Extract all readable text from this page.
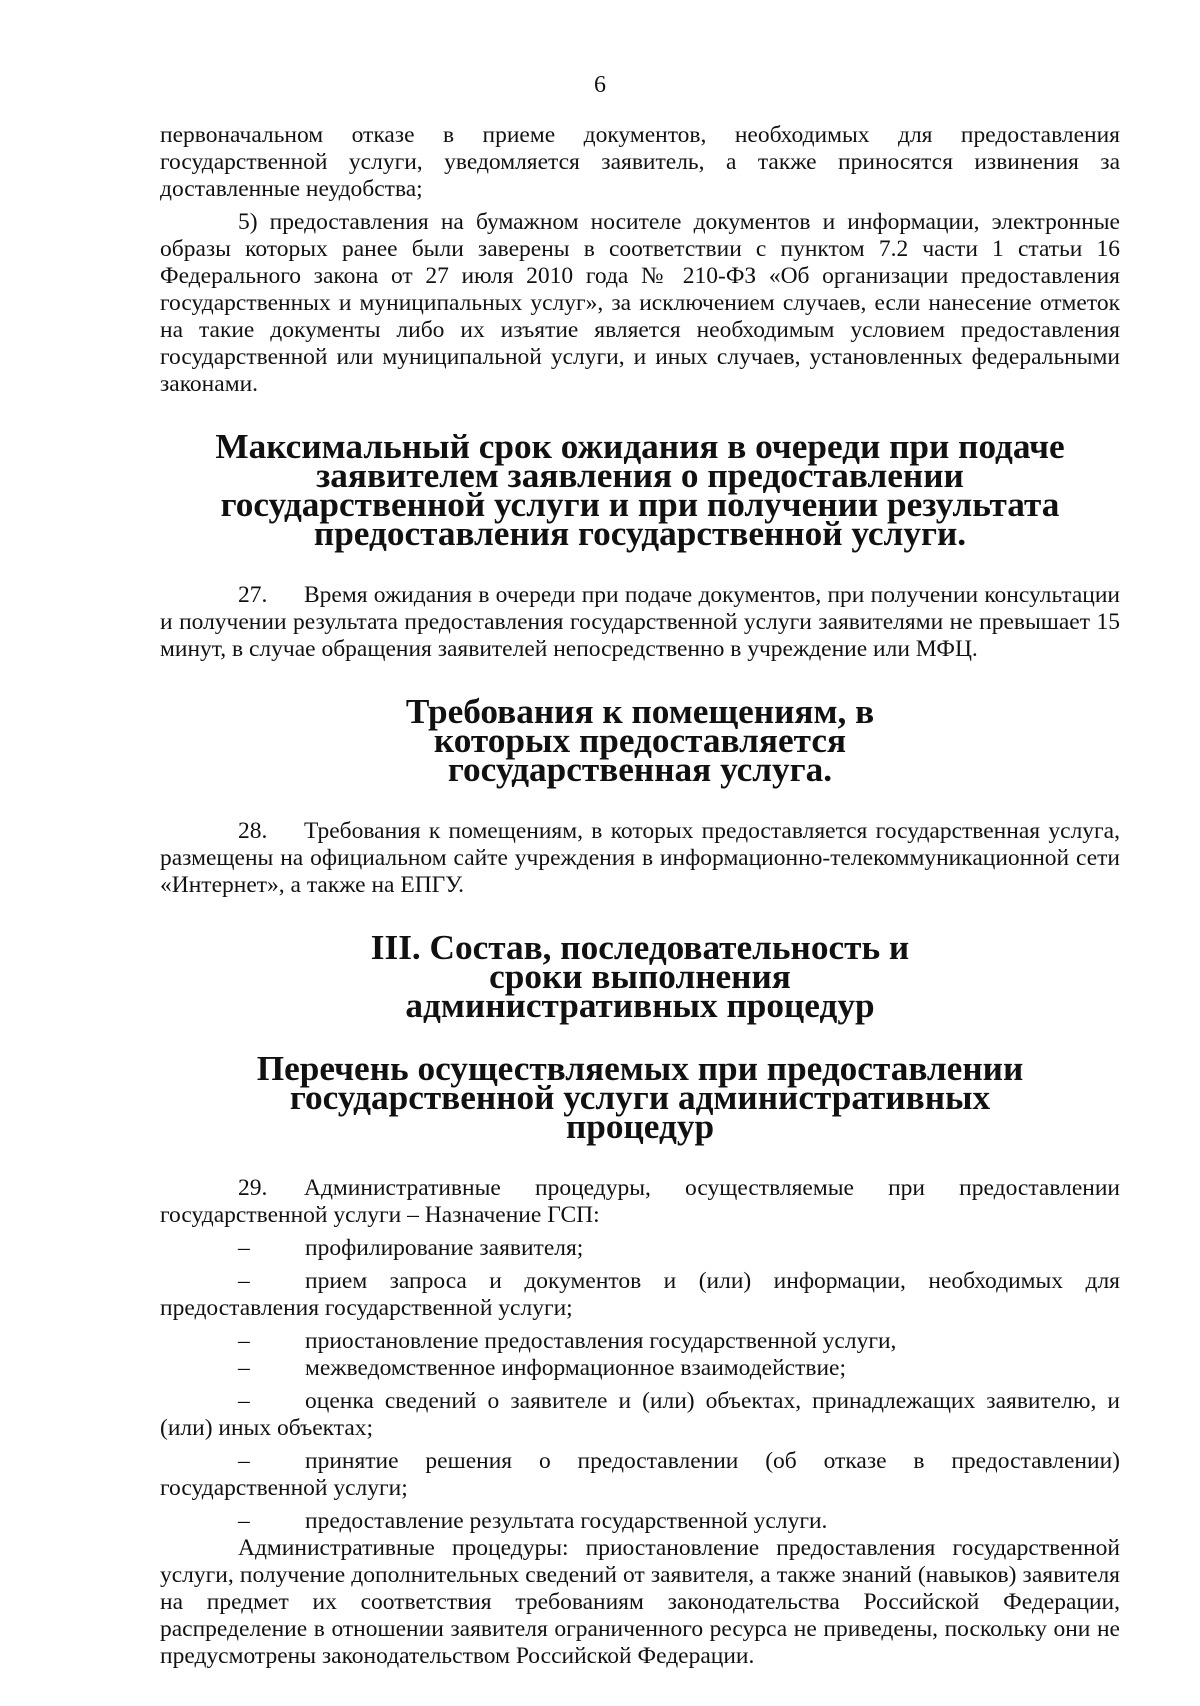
6

первоначальном отказе в приеме документов, необходимых для предоставления государственной услуги, уведомляется заявитель, а также приносятся извинения за доставленные неудобства;

5) предоставления на бумажном носителе документов и информации, электронные образы которых ранее были заверены в соответствии с пунктом 7.2 части 1 статьи 16 Федерального закона от 27 июля 2010 года № 210-ФЗ «Об организации предоставления государственных и муниципальных услуг», за исключением случаев, если нанесение отметок на такие документы либо их изъятие является необходимым условием предоставления государственной или муниципальной услуги, и иных случаев, установленных федеральными законами.

Максимальный срок ожидания в очереди при подаче заявителем заявления о предоставлении государственной услуги и при получении результата предоставления государственной услуги.

27. Время ожидания в очереди при подаче документов, при получении консультации и получении результата предоставления государственной услуги заявителями не превышает 15 минут, в случае обращения заявителей непосредственно в учреждение или МФЦ.

Требования к помещениям, в которых предоставляется государственная услуга.

28. Требования к помещениям, в которых предоставляется государственная услуга, размещены на официальном сайте учреждения в информационно-телекоммуникационной сети «Интернет», а также на ЕПГУ.

III. Состав, последовательность и сроки выполнения административных процедур
Перечень осуществляемых при предоставлении государственной услуги административных процедур

29. Административные процедуры, осуществляемые при предоставлении государственной услуги – Назначение ГСП:

– профилирование заявителя;

– прием запроса и документов и (или) информации, необходимых для предоставления государственной услуги;

– приостановление предоставления государственной услуги,

– межведомственное информационное взаимодействие;

– оценка сведений о заявителе и (или) объектах, принадлежащих заявителю, и (или) иных объектах;

– принятие решения о предоставлении (об отказе в предоставлении) государственной услуги;

– предоставление результата государственной услуги.

Административные процедуры: приостановление предоставления государственной услуги, получение дополнительных сведений от заявителя, а также знаний (навыков) заявителя на предмет их соответствия требованиям законодательства Российской Федерации, распределение в отношении заявителя ограниченного ресурса не приведены, поскольку они не предусмотрены законодательством Российской Федерации.
